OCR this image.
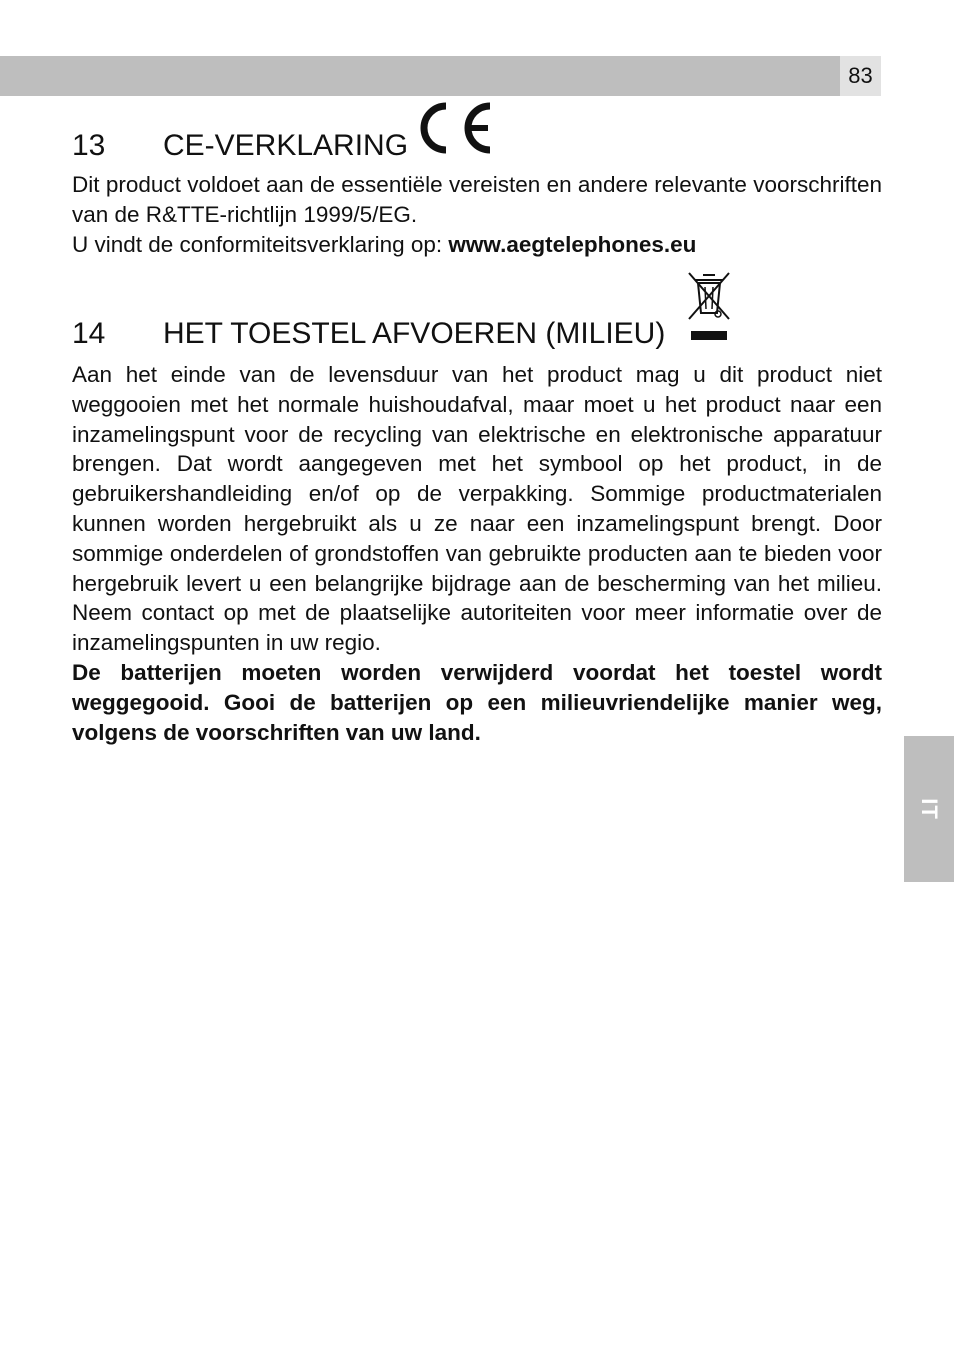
83
IT
13	CE-VERKLARING

Dit product voldoet aan de essentiële vereisten en andere relevante voorschriften van de R&TTE-richtlijn 1999/5/EG.

U vindt de conformiteitsverklaring op: www.aegtelephones.eu

14	HET TOESTEL AFVOEREN (MILIEU)

Aan het einde van de levensduur van het product mag u dit product niet weggooien met het normale huishoudafval, maar moet u het product naar een inzamelingspunt voor de recycling van elektrische en elektronische apparatuur brengen. Dat wordt aangegeven met het symbool op het product, in de gebruikershandleiding en/of op de verpakking. Sommige productmaterialen kunnen worden hergebruikt als u ze naar een inzamelingspunt brengt. Door sommige onderdelen of grondstoffen van gebruikte producten aan te bieden voor hergebruik levert u een belangrijke bijdrage aan de bescherming van het milieu. Neem contact op met de plaatselijke autoriteiten voor meer informatie over de inzamelingspunten in uw regio.

De batterijen moeten worden verwijderd voordat het toestel wordt weggegooid. Gooi de batterijen op een milieuvriendelijke manier weg, volgens de voorschriften van uw land.
